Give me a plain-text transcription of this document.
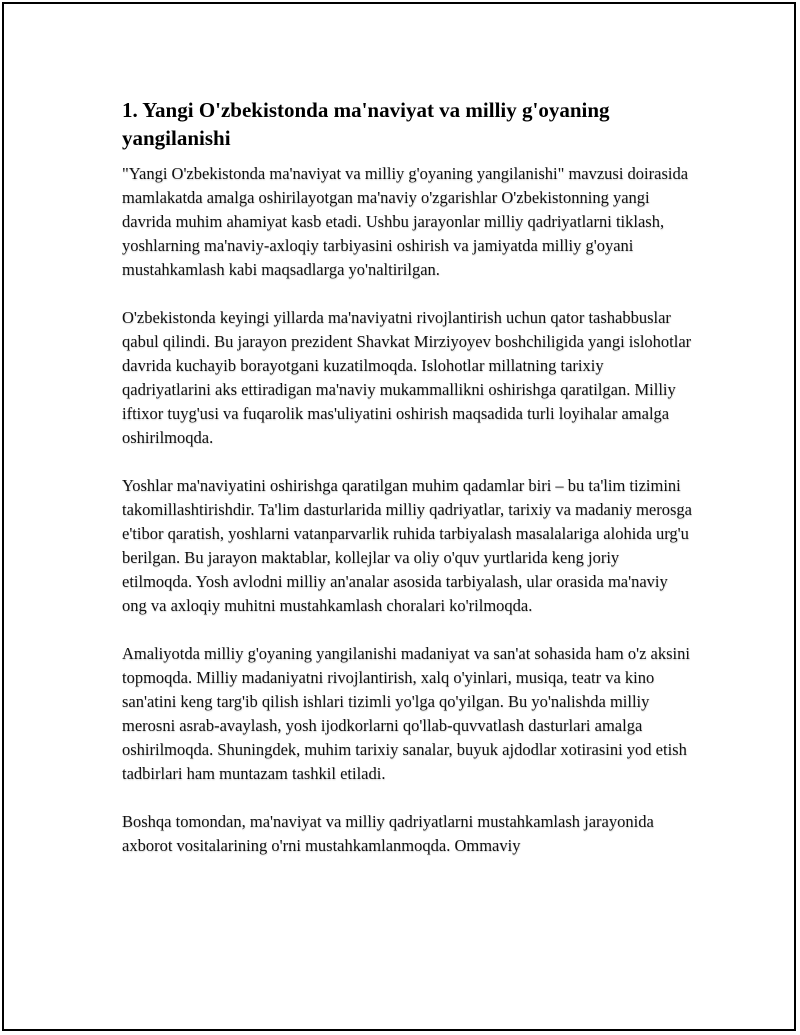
1. Yangi O'zbekistonda ma'naviyat va milliy g'oyaning yangilanishi

"Yangi O'zbekistonda ma'naviyat va milliy g'oyaning yangilanishi" mavzusi doirasida mamlakatda amalga oshirilayotgan ma'naviy o'zgarishlar O'zbekistonning yangi davrida muhim ahamiyat kasb etadi. Ushbu jarayonlar milliy qadriyatlarni tiklash, yoshlarning ma'naviy-axloqiy tarbiyasini oshirish va jamiyatda milliy g'oyani mustahkamlash kabi maqsadlarga yo'naltirilgan.

O'zbekistonda keyingi yillarda ma'naviyatni rivojlantirish uchun qator tashabbuslar qabul qilindi. Bu jarayon prezident Shavkat Mirziyoyev boshchiligida yangi islohotlar davrida kuchayib borayotgani kuzatilmoqda. Islohotlar millatning tarixiy qadriyatlarini aks ettiradigan ma'naviy mukammallikni oshirishga qaratilgan. Milliy iftixor tuyg'usi va fuqarolik mas'uliyatini oshirish maqsadida turli loyihalar amalga oshirilmoqda.

Yoshlar ma'naviyatini oshirishga qaratilgan muhim qadamlar biri – bu ta'lim tizimini takomillashtirishdir. Ta'lim dasturlarida milliy qadriyatlar, tarixiy va madaniy merosga e'tibor qaratish, yoshlarni vatanparvarlik ruhida tarbiyalash masalalariga alohida urg'u berilgan. Bu jarayon maktablar, kollejlar va oliy o'quv yurtlarida keng joriy etilmoqda. Yosh avlodni milliy an'analar asosida tarbiyalash, ular orasida ma'naviy ong va axloqiy muhitni mustahkamlash choralari ko'rilmoqda.

Amaliyotda milliy g'oyaning yangilanishi madaniyat va san'at sohasida ham o'z aksini topmoqda. Milliy madaniyatni rivojlantirish, xalq o'yinlari, musiqa, teatr va kino san'atini keng targ'ib qilish ishlari tizimli yo'lga qo'yilgan. Bu yo'nalishda milliy merosni asrab-avaylash, yosh ijodkorlarni qo'llab-quvvatlash dasturlari amalga oshirilmoqda. Shuningdek, muhim tarixiy sanalar, buyuk ajdodlar xotirasini yod etish tadbirlari ham muntazam tashkil etiladi.

Boshqa tomondan, ma'naviyat va milliy qadriyatlarni mustahkamlash jarayonida axborot vositalarining o'rni mustahkamlanmoqda. Ommaviy
